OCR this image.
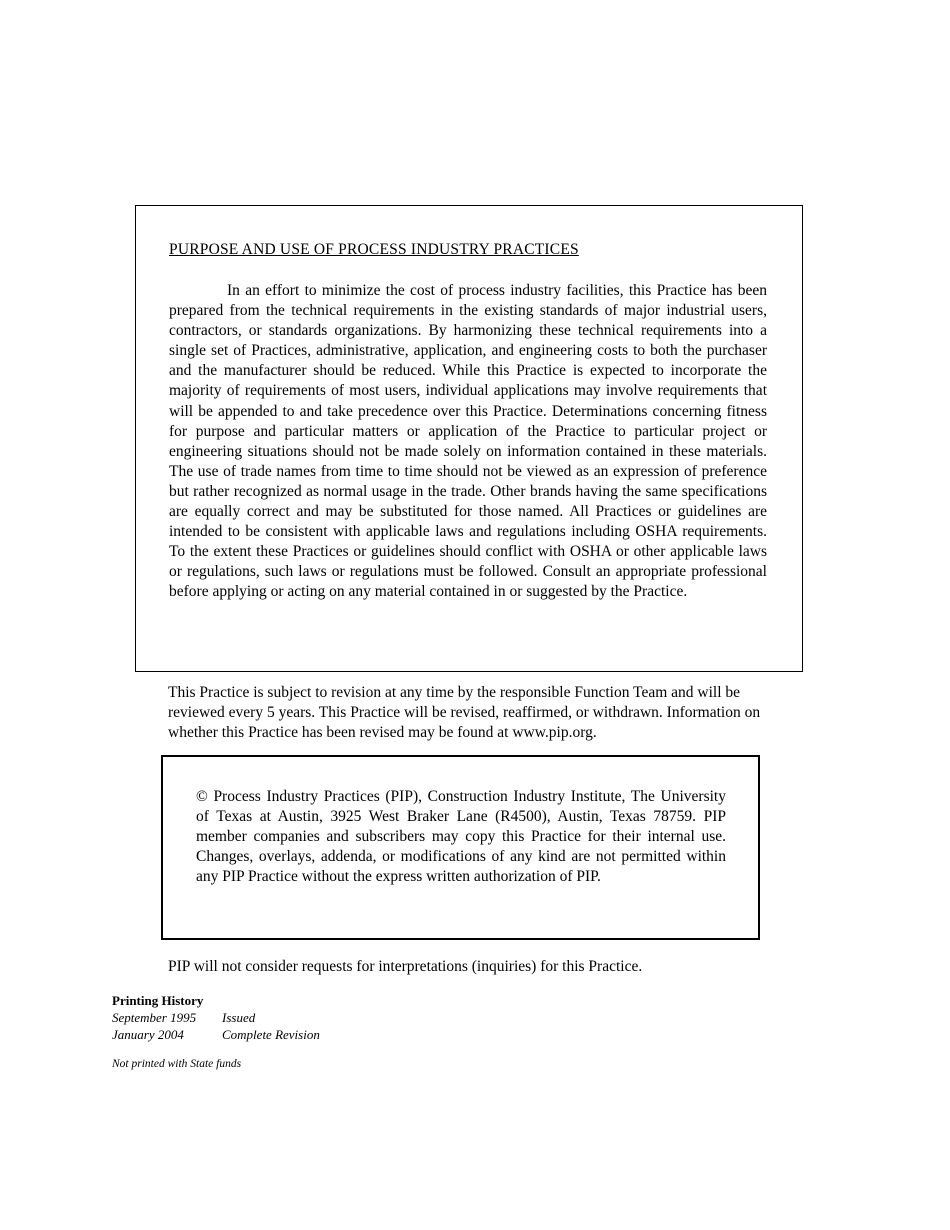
PURPOSE AND USE OF PROCESS INDUSTRY PRACTICES

In an effort to minimize the cost of process industry facilities, this Practice has been prepared from the technical requirements in the existing standards of major industrial users, contractors, or standards organizations. By harmonizing these technical requirements into a single set of Practices, administrative, application, and engineering costs to both the purchaser and the manufacturer should be reduced. While this Practice is expected to incorporate the majority of requirements of most users, individual applications may involve requirements that will be appended to and take precedence over this Practice. Determinations concerning fitness for purpose and particular matters or application of the Practice to particular project or engineering situations should not be made solely on information contained in these materials. The use of trade names from time to time should not be viewed as an expression of preference but rather recognized as normal usage in the trade. Other brands having the same specifications are equally correct and may be substituted for those named. All Practices or guidelines are intended to be consistent with applicable laws and regulations including OSHA requirements. To the extent these Practices or guidelines should conflict with OSHA or other applicable laws or regulations, such laws or regulations must be followed. Consult an appropriate professional before applying or acting on any material contained in or suggested by the Practice.

This Practice is subject to revision at any time by the responsible Function Team and will be reviewed every 5 years. This Practice will be revised, reaffirmed, or withdrawn. Information on whether this Practice has been revised may be found at www.pip.org.

© Process Industry Practices (PIP), Construction Industry Institute, The University of Texas at Austin, 3925 West Braker Lane (R4500), Austin, Texas 78759. PIP member companies and subscribers may copy this Practice for their internal use. Changes, overlays, addenda, or modifications of any kind are not permitted within any PIP Practice without the express written authorization of PIP.

PIP will not consider requests for interpretations (inquiries) for this Practice.

Printing History
September 1995	Issued
January 2004	Complete Revision

Not printed with State funds
